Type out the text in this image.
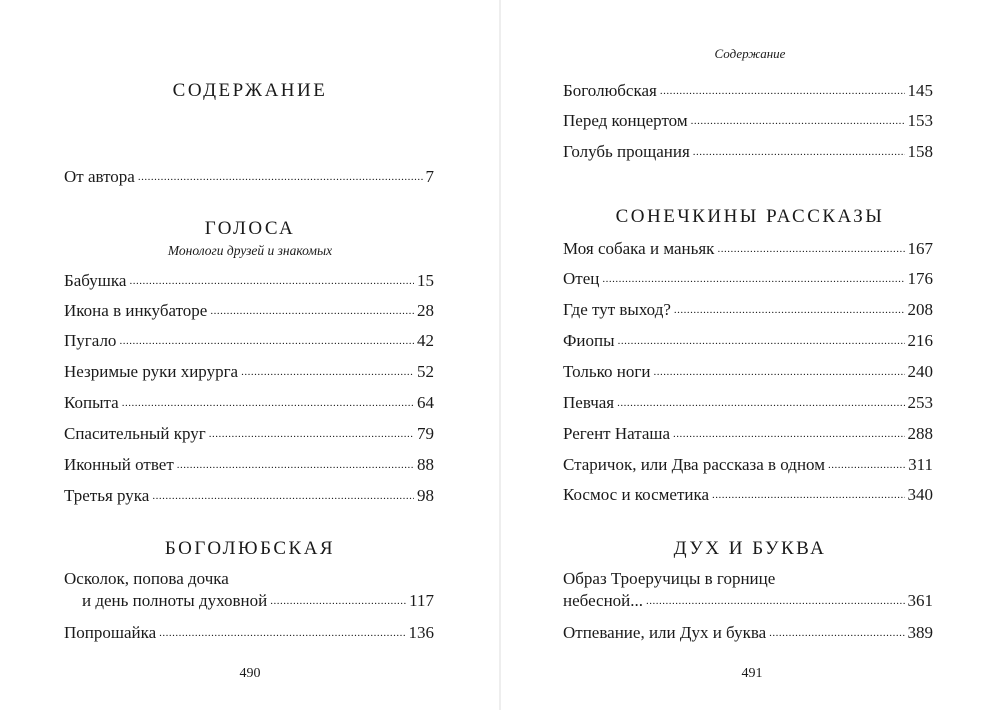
СОДЕРЖАНИЕ
От автора .....	7
ГОЛОСА
Монологи друзей и знакомых
Бабушка .....	15
Икона в инкубаторе .....	28
Пугало .....	42
Незримые руки хирурга .....	52
Копыта .....	64
Спасительный круг .....	79
Иконный ответ .....	88
Третья рука .....	98
БОГОЛЮБСКАЯ
Осколок, попова дочка
и день полноты духовной .....	117
Попрошайка .....	136
490
Содержание
Боголюбская .....	145
Перед концертом .....	153
Голубь прощания .....	158
СОНЕЧКИНЫ РАССКАЗЫ
Моя собака и маньяк .....	167
Отец .....	176
Где тут выход? .....	208
Фиопы .....	216
Только ноги .....	240
Певчая .....	253
Регент Наташа .....	288
Старичок, или Два рассказа в одном .....	311
Космос и косметика .....	340
ДУХ И БУКВА
Образ Троеручицы в горнице
небесной... .....	361
Отпевание, или Дух и буква .....	389
491
